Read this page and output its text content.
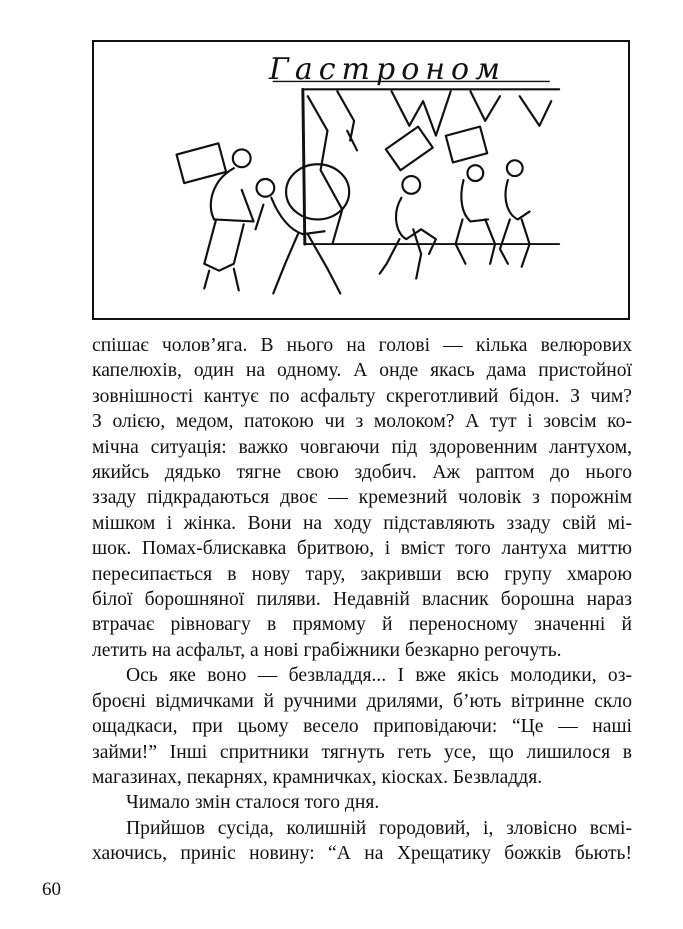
Гастроном
спішає чолов’яга. В нього на голові — кілька велюрових
капелюхів, один на одному. А онде якась дама пристойної
зовнішності кантує по асфальту скреготливий бідон. З чим?
З олією, медом, патокою чи з молоком? А тут і зовсім ко-
мічна ситуація: важко човгаючи під здоровенним лантухом,
якийсь дядько тягне свою здобич. Аж раптом до нього
ззаду підкрадаються двоє — кремезний чоловік з порожнім
мішком і жінка. Вони на ходу підставляють ззаду свій мі-
шок. Помах-блискавка бритвою, і вміст того лантуха миттю
пересипається в нову тару, закривши всю групу хмарою
білої борошняної пиляви. Недавній власник борошна нараз
втрачає рівновагу в прямому й переносному значенні й
летить на асфальт, а нові грабіжники безкарно регочуть.
Ось яке воно — безвладдя... І вже якісь молодики, оз-
броєні відмичками й ручними дрилями, б’ють вітринне скло
ощадкаси, при цьому весело приповідаючи: “Це — наші
займи!” Інші спритники тягнуть геть усе, що лишилося в
магазинах, пекарнях, крамничках, кіосках. Безвладдя.
Чимало змін сталося того дня.
Прийшов сусіда, колишній городовий, і, зловісно всмі-
хаючись, приніс новину: “А на Хрещатику божків бьють!
60
